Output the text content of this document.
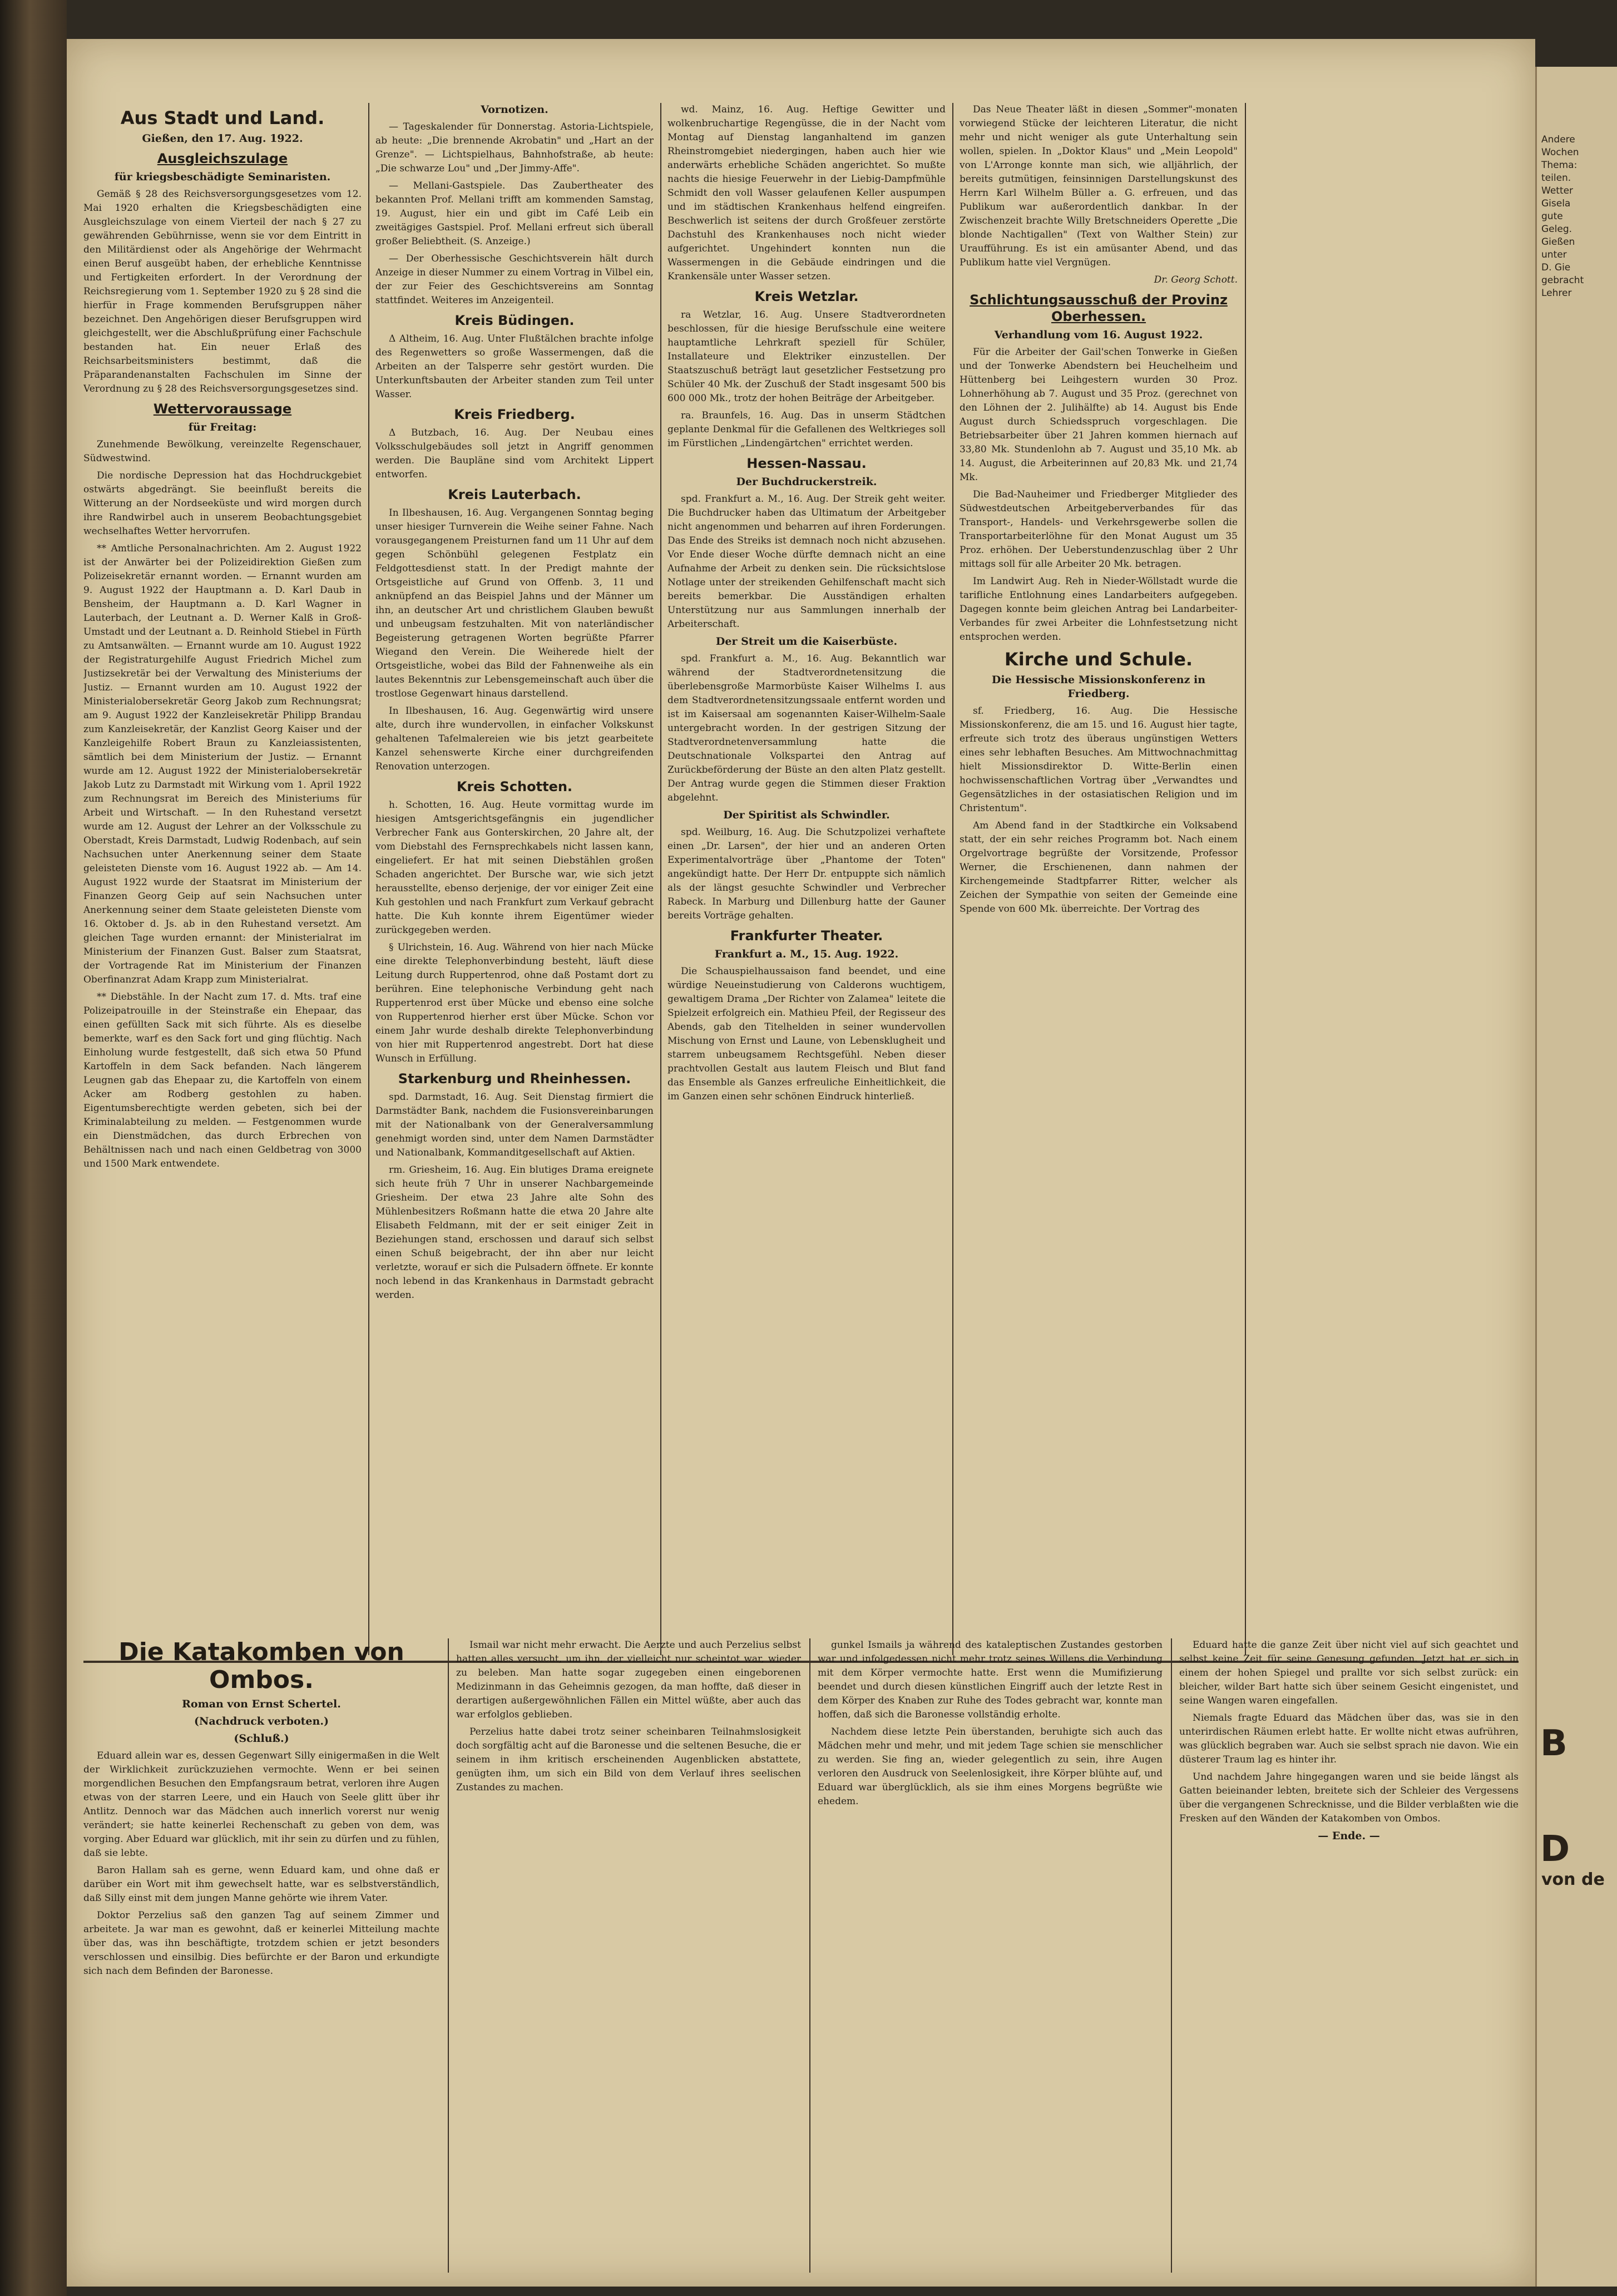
Aus Stadt und Land.
Gießen, den 17. Aug. 1922.
Ausgleichszulage
für kriegsbeschädigte Seminaristen.

Gemäß § 28 des Reichsversorgungsgesetzes vom 12. Mai 1920 erhalten die Kriegsbeschädigten eine Ausgleichszulage von einem Vierteil der nach § 27 zu gewährenden Gebührnisse, wenn sie vor dem Eintritt in den Militärdienst oder als Angehörige der Wehrmacht einen Beruf ausgeübt haben, der erhebliche Kenntnisse und Fertigkeiten erfordert. In der Verordnung der Reichsregierung vom 1. September 1920 zu § 28 sind die hierfür in Frage kommenden Berufsgruppen näher bezeichnet. Den Angehörigen dieser Berufsgruppen wird gleichgestellt, wer die Abschlußprüfung einer Fachschule bestanden hat. Ein neuer Erlaß des Reichsarbeitsministers bestimmt, daß die Präparandenanstalten Fachschulen im Sinne der Verordnung zu § 28 des Reichsversorgungsgesetzes sind.

Wettervoraussage
für Freitag:

Zunehmende Bewölkung, vereinzelte Regenschauer, Südwestwind.

Die nordische Depression hat das Hochdruckgebiet ostwärts abgedrängt. Sie beeinflußt bereits die Witterung an der Nordseeküste und wird morgen durch ihre Randwirbel auch in unserem Beobachtungsgebiet wechselhaftes Wetter hervorrufen.

** Amtliche Personalnachrichten. Am 2. August 1922 ist der Anwärter bei der Polizeidirektion Gießen zum Polizeisekretär ernannt worden. — Ernannt wurden am 9. August 1922 der Hauptmann a. D. Karl Daub in Bensheim, der Hauptmann a. D. Karl Wagner in Lauterbach, der Leutnant a. D. Werner Kalß in Groß-Umstadt und der Leutnant a. D. Reinhold Stiebel in Fürth zu Amtsanwälten. — Ernannt wurde am 10. August 1922 der Registraturgehilfe August Friedrich Michel zum Justizsekretär bei der Verwaltung des Ministeriums der Justiz. — Ernannt wurden am 10. August 1922 der Ministerialobersekretär Georg Jakob zum Rechnungsrat; am 9. August 1922 der Kanzleisekretär Philipp Brandau zum Kanzleisekretär, der Kanzlist Georg Kaiser und der Kanzleigehilfe Robert Braun zu Kanzleiassistenten, sämtlich bei dem Ministerium der Justiz. — Ernannt wurde am 12. August 1922 der Ministerialobersekretär Jakob Lutz zu Darmstadt mit Wirkung vom 1. April 1922 zum Rechnungsrat im Bereich des Ministeriums für Arbeit und Wirtschaft. — In den Ruhestand versetzt wurde am 12. August der Lehrer an der Volksschule zu Oberstadt, Kreis Darmstadt, Ludwig Rodenbach, auf sein Nachsuchen unter Anerkennung seiner dem Staate geleisteten Dienste vom 16. August 1922 ab. — Am 14. August 1922 wurde der Staatsrat im Ministerium der Finanzen Georg Geip auf sein Nachsuchen unter Anerkennung seiner dem Staate geleisteten Dienste vom 16. Oktober d. Js. ab in den Ruhestand versetzt. Am gleichen Tage wurden ernannt: der Ministerialrat im Ministerium der Finanzen Gust. Balser zum Staatsrat, der Vortragende Rat im Ministerium der Finanzen Oberfinanzrat Adam Krapp zum Ministerialrat.

** Diebstähle. In der Nacht zum 17. d. Mts. traf eine Polizeipatrouille in der Steinstraße ein Ehepaar, das einen gefüllten Sack mit sich führte. Als es dieselbe bemerkte, warf es den Sack fort und ging flüchtig. Nach Einholung wurde festgestellt, daß sich etwa 50 Pfund Kartoffeln in dem Sack befanden. Nach längerem Leugnen gab das Ehepaar zu, die Kartoffeln von einem Acker am Rodberg gestohlen zu haben. Eigentumsberechtigte werden gebeten, sich bei der Kriminalabteilung zu melden. — Festgenommen wurde ein Dienstmädchen, das durch Erbrechen von Behältnissen nach und nach einen Geldbetrag von 3000 und 1500 Mark entwendete.

Vornotizen.

— Tageskalender für Donnerstag. Astoria-Lichtspiele, ab heute: „Die brennende Akrobatin" und „Hart an der Grenze". — Lichtspielhaus, Bahnhofstraße, ab heute: „Die schwarze Lou" und „Der Jimmy-Affe".

— Mellani-Gastspiele. Das Zaubertheater des bekannten Prof. Mellani trifft am kommenden Samstag, 19. August, hier ein und gibt im Café Leib ein zweitägiges Gastspiel. Prof. Mellani erfreut sich überall großer Beliebtheit. (S. Anzeige.)

— Der Oberhessische Geschichtsverein hält durch Anzeige in dieser Nummer zu einem Vortrag in Vilbel ein, der zur Feier des Geschichtsvereins am Sonntag stattfindet. Weiteres im Anzeigenteil.

Kreis Büdingen.

Δ Altheim, 16. Aug. Unter Flußtälchen brachte infolge des Regenwetters so große Wassermengen, daß die Arbeiten an der Talsperre sehr gestört wurden. Die Unterkunftsbauten der Arbeiter standen zum Teil unter Wasser.

Kreis Friedberg.

Δ Butzbach, 16. Aug. Der Neubau eines Volksschulgebäudes soll jetzt in Angriff genommen werden. Die Baupläne sind vom Architekt Lippert entworfen.

Kreis Lauterbach.

In Ilbeshausen, 16. Aug. Vergangenen Sonntag beging unser hiesiger Turnverein die Weihe seiner Fahne. Nach vorausgegangenem Preisturnen fand um 11 Uhr auf dem gegen Schönbühl gelegenen Festplatz ein Feldgottesdienst statt. In der Predigt mahnte der Ortsgeistliche auf Grund von Offenb. 3, 11 und anknüpfend an das Beispiel Jahns und der Männer um ihn, an deutscher Art und christlichem Glauben bewußt und unbeugsam festzuhalten. Mit von naterländischer Begeisterung getragenen Worten begrüßte Pfarrer Wiegand den Verein. Die Weiherede hielt der Ortsgeistliche, wobei das Bild der Fahnenweihe als ein lautes Bekenntnis zur Lebensgemeinschaft auch über die trostlose Gegenwart hinaus darstellend.

In Ilbeshausen, 16. Aug. Gegenwärtig wird unsere alte, durch ihre wundervollen, in einfacher Volkskunst gehaltenen Tafelmalereien wie bis jetzt gearbeitete Kanzel sehenswerte Kirche einer durchgreifenden Renovation unterzogen.

Kreis Schotten.

h. Schotten, 16. Aug. Heute vormittag wurde im hiesigen Amtsgerichtsgefängnis ein jugendlicher Verbrecher Fank aus Gonterskirchen, 20 Jahre alt, der vom Diebstahl des Fernsprechkabels nicht lassen kann, eingeliefert. Er hat mit seinen Diebstählen großen Schaden angerichtet. Der Bursche war, wie sich jetzt herausstellte, ebenso derjenige, der vor einiger Zeit eine Kuh gestohlen und nach Frankfurt zum Verkauf gebracht hatte. Die Kuh konnte ihrem Eigentümer wieder zurückgegeben werden.

§ Ulrichstein, 16. Aug. Während von hier nach Mücke eine direkte Telephonverbindung besteht, läuft diese Leitung durch Ruppertenrod, ohne daß Postamt dort zu berühren. Eine telephonische Verbindung geht nach Ruppertenrod erst über Mücke und ebenso eine solche von Ruppertenrod hierher erst über Mücke. Schon vor einem Jahr wurde deshalb direkte Telephonverbindung von hier mit Ruppertenrod angestrebt. Dort hat diese Wunsch in Erfüllung.

Starkenburg und Rheinhessen.

spd. Darmstadt, 16. Aug. Seit Dienstag firmiert die Darmstädter Bank, nachdem die Fusionsvereinbarungen mit der Nationalbank von der Generalversammlung genehmigt worden sind, unter dem Namen Darmstädter und Nationalbank, Kommanditgesellschaft auf Aktien.

rm. Griesheim, 16. Aug. Ein blutiges Drama ereignete sich heute früh 7 Uhr in unserer Nachbargemeinde Griesheim. Der etwa 23 Jahre alte Sohn des Mühlenbesitzers Roßmann hatte die etwa 20 Jahre alte Elisabeth Feldmann, mit der er seit einiger Zeit in Beziehungen stand, erschossen und darauf sich selbst einen Schuß beigebracht, der ihn aber nur leicht verletzte, worauf er sich die Pulsadern öffnete. Er konnte noch lebend in das Krankenhaus in Darmstadt gebracht werden.

wd. Mainz, 16. Aug. Heftige Gewitter und wolkenbruchartige Regengüsse, die in der Nacht vom Montag auf Dienstag langanhaltend im ganzen Rheinstromgebiet niedergingen, haben auch hier wie anderwärts erhebliche Schäden angerichtet. So mußte nachts die hiesige Feuerwehr in der Liebig-Dampfmühle Schmidt den voll Wasser gelaufenen Keller auspumpen und im städtischen Krankenhaus helfend eingreifen. Beschwerlich ist seitens der durch Großfeuer zerstörte Dachstuhl des Krankenhauses noch nicht wieder aufgerichtet. Ungehindert konnten nun die Wassermengen in die Gebäude eindringen und die Krankensäle unter Wasser setzen.

Kreis Wetzlar.

ra Wetzlar, 16. Aug. Unsere Stadtverordneten beschlossen, für die hiesige Berufsschule eine weitere hauptamtliche Lehrkraft speziell für Schüler, Installateure und Elektriker einzustellen. Der Staatszuschuß beträgt laut gesetzlicher Festsetzung pro Schüler 40 Mk. der Zuschuß der Stadt insgesamt 500 bis 600 000 Mk., trotz der hohen Beiträge der Arbeitgeber.

ra. Braunfels, 16. Aug. Das in unserm Städtchen geplante Denkmal für die Gefallenen des Weltkrieges soll im Fürstlichen „Lindengärtchen" errichtet werden.

Hessen-Nassau.
Der Buchdruckerstreik.

spd. Frankfurt a. M., 16. Aug. Der Streik geht weiter. Die Buchdrucker haben das Ultimatum der Arbeitgeber nicht angenommen und beharren auf ihren Forderungen. Das Ende des Streiks ist demnach noch nicht abzusehen. Vor Ende dieser Woche dürfte demnach nicht an eine Aufnahme der Arbeit zu denken sein. Die rücksichtslose Notlage unter der streikenden Gehilfenschaft macht sich bereits bemerkbar. Die Ausständigen erhalten Unterstützung nur aus Sammlungen innerhalb der Arbeiterschaft.

Der Streit um die Kaiserbüste.

spd. Frankfurt a. M., 16. Aug. Bekanntlich war während der Stadtverordnetensitzung die überlebensgroße Marmorbüste Kaiser Wilhelms I. aus dem Stadtverordnetensitzungssaale entfernt worden und ist im Kaisersaal am sogenannten Kaiser-Wilhelm-Saale untergebracht worden. In der gestrigen Sitzung der Stadtverordnetenversammlung hatte die Deutschnationale Volkspartei den Antrag auf Zurückbeförderung der Büste an den alten Platz gestellt. Der Antrag wurde gegen die Stimmen dieser Fraktion abgelehnt.

Der Spiritist als Schwindler.

spd. Weilburg, 16. Aug. Die Schutzpolizei verhaftete einen „Dr. Larsen", der hier und an anderen Orten Experimentalvorträge über „Phantome der Toten" angekündigt hatte. Der Herr Dr. entpuppte sich nämlich als der längst gesuchte Schwindler und Verbrecher Rabeck. In Marburg und Dillenburg hatte der Gauner bereits Vorträge gehalten.

Frankfurter Theater.
Frankfurt a. M., 15. Aug. 1922.

Die Schauspielhaussaison fand beendet, und eine würdige Neueinstudierung von Calderons wuchtigem, gewaltigem Drama „Der Richter von Zalamea" leitete die Spielzeit erfolgreich ein. Mathieu Pfeil, der Regisseur des Abends, gab den Titelhelden in seiner wundervollen Mischung von Ernst und Laune, von Lebensklugheit und starrem unbeugsamem Rechtsgefühl. Neben dieser prachtvollen Gestalt aus lautem Fleisch und Blut fand das Ensemble als Ganzes erfreuliche Einheitlichkeit, die im Ganzen einen sehr schönen Eindruck hinterließ.

Das Neue Theater läßt in diesen „Sommer"-monaten vorwiegend Stücke der leichteren Literatur, die nicht mehr und nicht weniger als gute Unterhaltung sein wollen, spielen. In „Doktor Klaus" und „Mein Leopold" von L'Arronge konnte man sich, wie alljährlich, der bereits gutmütigen, feinsinnigen Darstellungskunst des Herrn Karl Wilhelm Büller a. G. erfreuen, und das Publikum war außerordentlich dankbar. In der Zwischenzeit brachte Willy Bretschneiders Operette „Die blonde Nachtigallen" (Text von Walther Stein) zur Uraufführung. Es ist ein amüsanter Abend, und das Publikum hatte viel Vergnügen.

Dr. Georg Schott.
Schlichtungsausschuß der Provinz Oberhessen.
Verhandlung vom 16. August 1922.

Für die Arbeiter der Gail'schen Tonwerke in Gießen und der Tonwerke Abendstern bei Heuchelheim und Hüttenberg bei Leihgestern wurden 30 Proz. Lohnerhöhung ab 7. August und 35 Proz. (gerechnet von den Löhnen der 2. Julihälfte) ab 14. August bis Ende August durch Schiedsspruch vorgeschlagen. Die Betriebsarbeiter über 21 Jahren kommen hiernach auf 33,80 Mk. Stundenlohn ab 7. August und 35,10 Mk. ab 14. August, die Arbeiterinnen auf 20,83 Mk. und 21,74 Mk.

Die Bad-Nauheimer und Friedberger Mitglieder des Südwestdeutschen Arbeitgeberverbandes für das Transport-, Handels- und Verkehrsgewerbe sollen die Transportarbeiterlöhne für den Monat August um 35 Proz. erhöhen. Der Ueberstundenzuschlag über 2 Uhr mittags soll für alle Arbeiter 20 Mk. betragen.

Im Landwirt Aug. Reh in Nieder-Wöllstadt wurde die tarifliche Entlohnung eines Landarbeiters aufgegeben. Dagegen konnte beim gleichen Antrag bei Landarbeiter-Verbandes für zwei Arbeiter die Lohnfestsetzung nicht entsprochen werden.

Kirche und Schule.
Die Hessische Missionskonferenz in Friedberg.

sf. Friedberg, 16. Aug. Die Hessische Missionskonferenz, die am 15. und 16. August hier tagte, erfreute sich trotz des überaus ungünstigen Wetters eines sehr lebhaften Besuches. Am Mittwochnachmittag hielt Missionsdirektor D. Witte-Berlin einen hochwissenschaftlichen Vortrag über „Verwandtes und Gegensätzliches in der ostasiatischen Religion und im Christentum".

Am Abend fand in der Stadtkirche ein Volksabend statt, der ein sehr reiches Programm bot. Nach einem Orgelvortrage begrüßte der Vorsitzende, Professor Werner, die Erschienenen, dann nahmen der Kirchengemeinde Stadtpfarrer Ritter, welcher als Zeichen der Sympathie von seiten der Gemeinde eine Spende von 600 Mk. überreichte. Der Vortrag des

Die Katakomben von Ombos.
Roman von Ernst Schertel.
(Nachdruck verboten.)
(Schluß.)

Eduard allein war es, dessen Gegenwart Silly einigermaßen in die Welt der Wirklichkeit zurückzuziehen vermochte. Wenn er bei seinen morgendlichen Besuchen den Empfangsraum betrat, verloren ihre Augen etwas von der starren Leere, und ein Hauch von Seele glitt über ihr Antlitz. Dennoch war das Mädchen auch innerlich vorerst nur wenig verändert; sie hatte keinerlei Rechenschaft zu geben von dem, was vorging. Aber Eduard war glücklich, mit ihr sein zu dürfen und zu fühlen, daß sie lebte.

Baron Hallam sah es gerne, wenn Eduard kam, und ohne daß er darüber ein Wort mit ihm gewechselt hatte, war es selbstverständlich, daß Silly einst mit dem jungen Manne gehörte wie ihrem Vater.

Doktor Perzelius saß den ganzen Tag auf seinem Zimmer und arbeitete. Ja war man es gewohnt, daß er keinerlei Mitteilung machte über das, was ihn beschäftigte, trotzdem schien er jetzt besonders verschlossen und einsilbig. Dies befürchte er der Baron und erkundigte sich nach dem Befinden der Baronesse.

Ismail war nicht mehr erwacht. Die Aerzte und auch Perzelius selbst hatten alles versucht, um ihn, der vielleicht nur scheintot war, wieder zu beleben. Man hatte sogar zugegeben einen eingeborenen Medizinmann in das Geheimnis gezogen, da man hoffte, daß dieser in derartigen außergewöhnlichen Fällen ein Mittel wüßte, aber auch das war erfolglos geblieben.

Perzelius hatte dabei trotz seiner scheinbaren Teilnahmslosigkeit doch sorgfältig acht auf die Baronesse und die seltenen Besuche, die er seinem in ihm kritisch erscheinenden Augenblicken abstattete, genügten ihm, um sich ein Bild von dem Verlauf ihres seelischen Zustandes zu machen.

gunkel Ismails ja während des kataleptischen Zustandes gestorben war und infolgedessen nicht mehr trotz seines Willens die Verbindung mit dem Körper vermochte hatte. Erst wenn die Mumifizierung beendet und durch diesen künstlichen Eingriff auch der letzte Rest in dem Körper des Knaben zur Ruhe des Todes gebracht war, konnte man hoffen, daß sich die Baronesse vollständig erholte.

Nachdem diese letzte Pein überstanden, beruhigte sich auch das Mädchen mehr und mehr, und mit jedem Tage schien sie menschlicher zu werden. Sie fing an, wieder gelegentlich zu sein, ihre Augen verloren den Ausdruck von Seelenlosigkeit, ihre Körper blühte auf, und Eduard war überglücklich, als sie ihm eines Morgens begrüßte wie ehedem.

Eduard hatte die ganze Zeit über nicht viel auf sich geachtet und selbst keine Zeit für seine Genesung gefunden. Jetzt hat er sich in einem der hohen Spiegel und prallte vor sich selbst zurück: ein bleicher, wilder Bart hatte sich über seinem Gesicht eingenistet, und seine Wangen waren eingefallen.

Niemals fragte Eduard das Mädchen über das, was sie in den unterirdischen Räumen erlebt hatte. Er wollte nicht etwas aufrühren, was glücklich begraben war. Auch sie selbst sprach nie davon. Wie ein düsterer Traum lag es hinter ihr.

Und nachdem Jahre hingegangen waren und sie beide längst als Gatten beieinander lebten, breitete sich der Schleier des Vergessens über die vergangenen Schrecknisse, und die Bilder verblaßten wie die Fresken auf den Wänden der Katakomben von Ombos.

— Ende. —
Andere
Wochen
Thema:
teilen.
Wetter
Gisela
gute
Geleg.
Gießen
unter
D. Gie
gebracht
Lehrer
B
D
von de
